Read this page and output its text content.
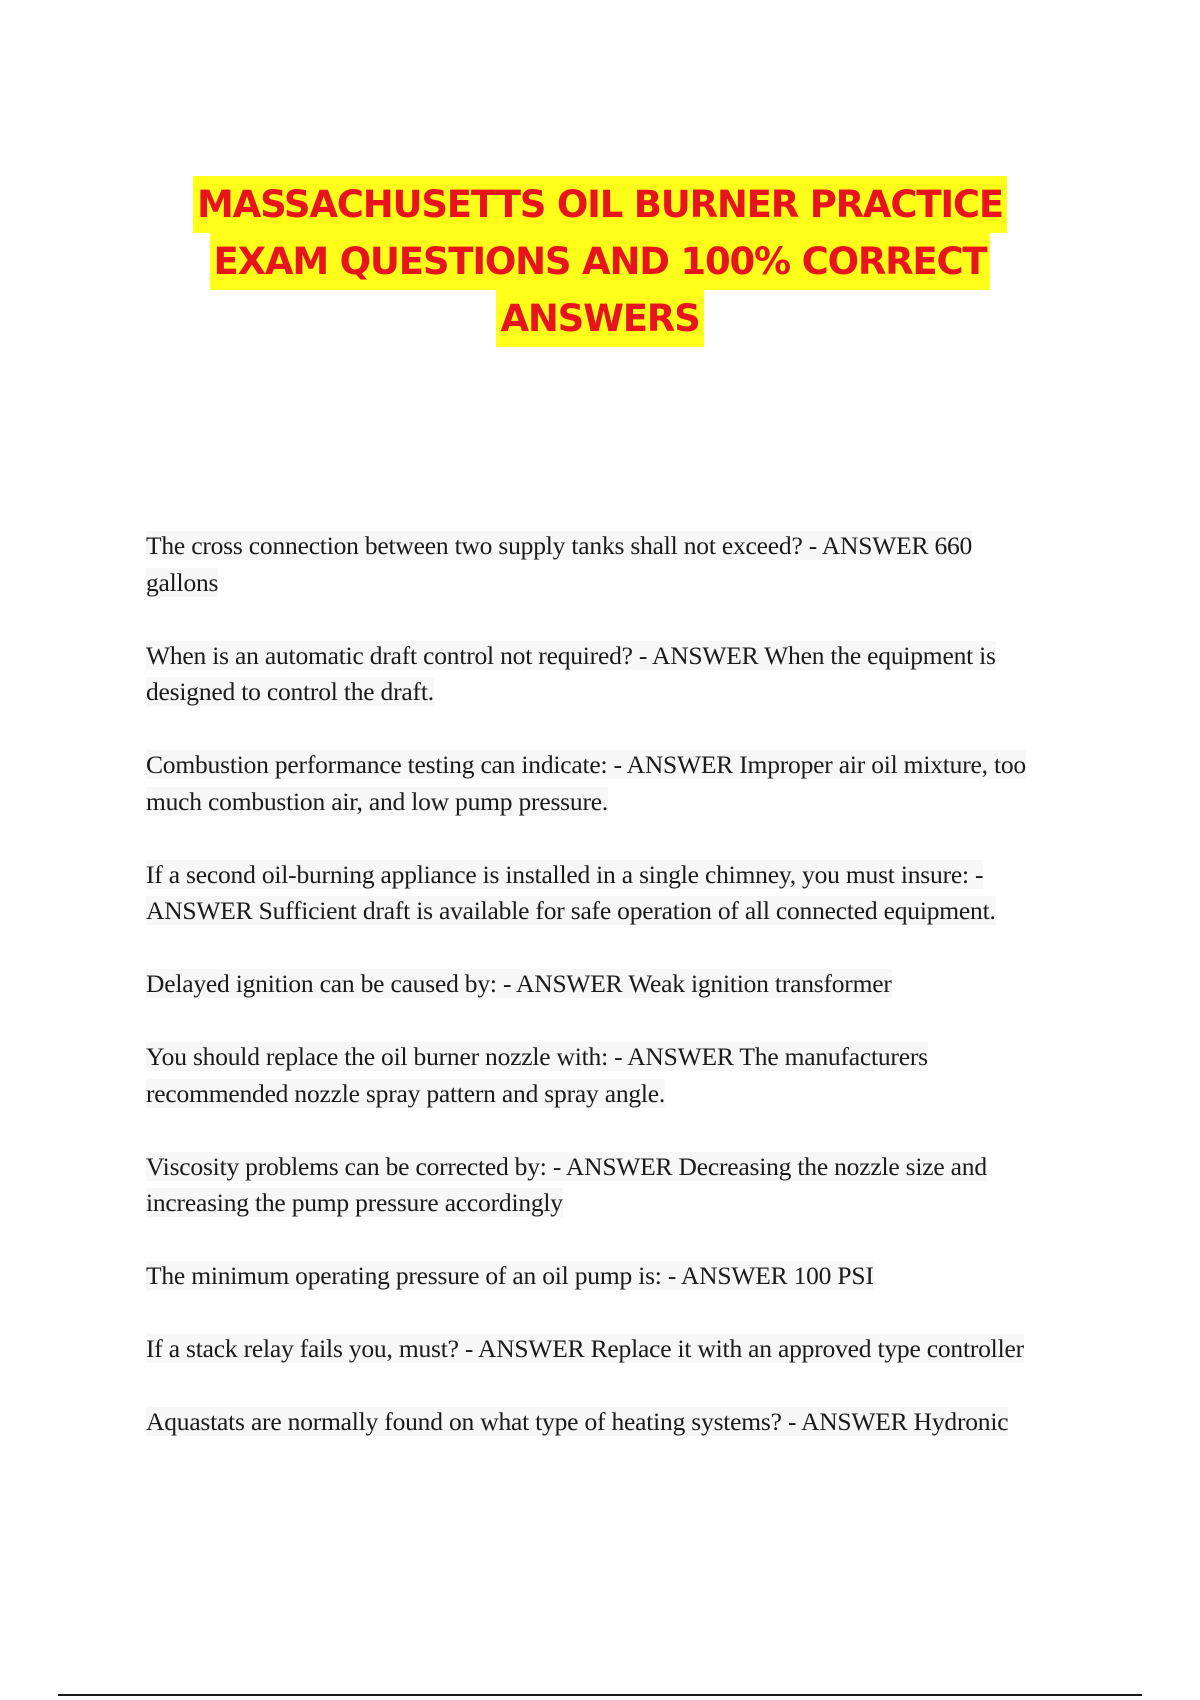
MASSACHUSETTS OIL BURNER PRACTICE
EXAM QUESTIONS AND 100% CORRECT
ANSWERS

The cross connection between two supply tanks shall not exceed? - ANSWER 660 gallons

When is an automatic draft control not required? - ANSWER When the equipment is designed to control the draft.

Combustion performance testing can indicate: - ANSWER Improper air oil mixture, too much combustion air, and low pump pressure.

If a second oil-burning appliance is installed in a single chimney, you must insure: - ANSWER Sufficient draft is available for safe operation of all connected equipment.

Delayed ignition can be caused by: - ANSWER Weak ignition transformer

You should replace the oil burner nozzle with: - ANSWER The manufacturers recommended nozzle spray pattern and spray angle.

Viscosity problems can be corrected by: - ANSWER Decreasing the nozzle size and increasing the pump pressure accordingly

The minimum operating pressure of an oil pump is: - ANSWER 100 PSI

If a stack relay fails you, must? - ANSWER Replace it with an approved type controller

Aquastats are normally found on what type of heating systems? - ANSWER Hydronic
